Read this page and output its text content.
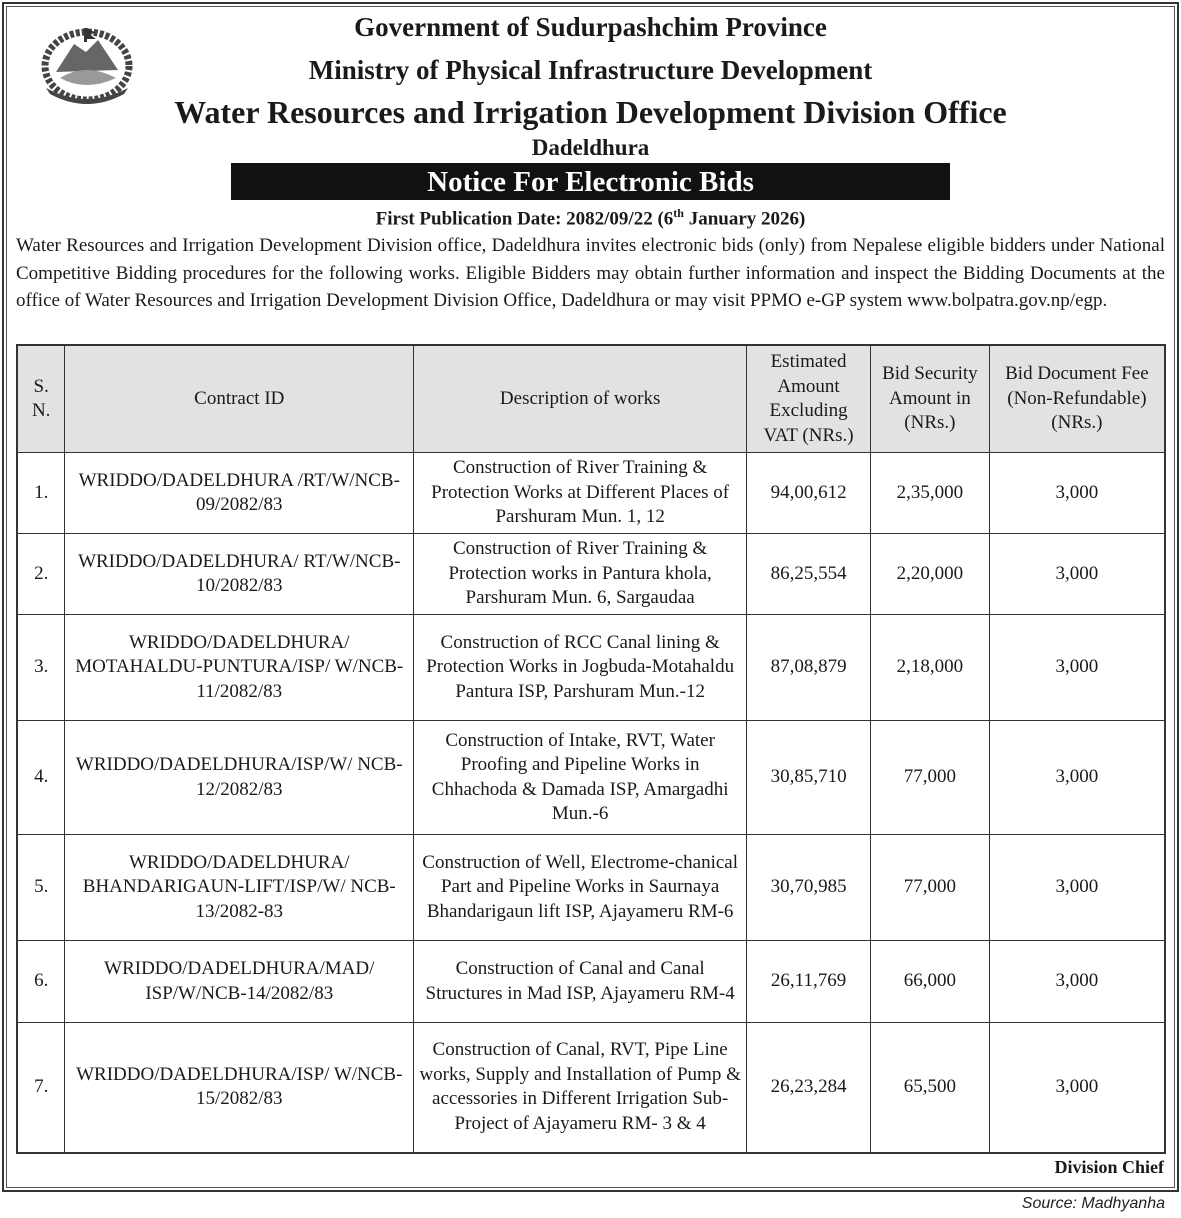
Government of Sudurpashchim Province
Ministry of Physical Infrastructure Development
Water Resources and Irrigation Development Division Office
Dadeldhura
Notice For Electronic Bids
First Publication Date: 2082/09/22 (6th January 2026)
Water Resources and Irrigation Development Division office, Dadeldhura invites electronic bids (only) from Nepalese eligible bidders under National Competitive Bidding procedures for the following works. Eligible Bidders may obtain further information and inspect the Bidding Documents at the office of Water Resources and Irrigation Development Division Office, Dadeldhura or may visit PPMO e-GP system www.bolpatra.gov.np/egp.
S. N.	Contract ID	Description of works	Estimated Amount Excluding VAT (NRs.)	Bid Security Amount in (NRs.)	Bid Document Fee (Non-Refundable) (NRs.)
1.	WRIDDO/DADELDHURA /RT/W/NCB-09/2082/83	Construction of River Training & Protection Works at Different Places of Parshuram Mun. 1, 12	94,00,612	2,35,000	3,000
2.	WRIDDO/DADELDHURA/ RT/W/NCB-10/2082/83	Construction of River Training & Protection works in Pantura khola, Parshuram Mun. 6, Sargaudaa	86,25,554	2,20,000	3,000
3.	WRIDDO/DADELDHURA/ MOTAHALDU-PUNTURA/ISP/ W/NCB-11/2082/83	Construction of RCC Canal lining & Protection Works in Jogbuda-Motahaldu Pantura ISP, Parshuram Mun.-12	87,08,879	2,18,000	3,000
4.	WRIDDO/DADELDHURA/ISP/W/ NCB-12/2082/83	Construction of Intake, RVT, Water Proofing and Pipeline Works in Chhachoda & Damada ISP, Amargadhi Mun.-6	30,85,710	77,000	3,000
5.	WRIDDO/DADELDHURA/ BHANDARIGAUN-LIFT/ISP/W/ NCB-13/2082-83	Construction of Well, Electrome-chanical Part and Pipeline Works in Saurnaya Bhandarigaun lift ISP, Ajayameru RM-6	30,70,985	77,000	3,000
6.	WRIDDO/DADELDHURA/MAD/ ISP/W/NCB-14/2082/83	Construction of Canal and Canal Structures in Mad ISP, Ajayameru RM-4	26,11,769	66,000	3,000
7.	WRIDDO/DADELDHURA/ISP/ W/NCB-15/2082/83	Construction of Canal, RVT, Pipe Line works, Supply and Installation of Pump & accessories in Different Irrigation Sub-Project of Ajayameru RM- 3 & 4	26,23,284	65,500	3,000
Division Chief
Source: Madhyanha
